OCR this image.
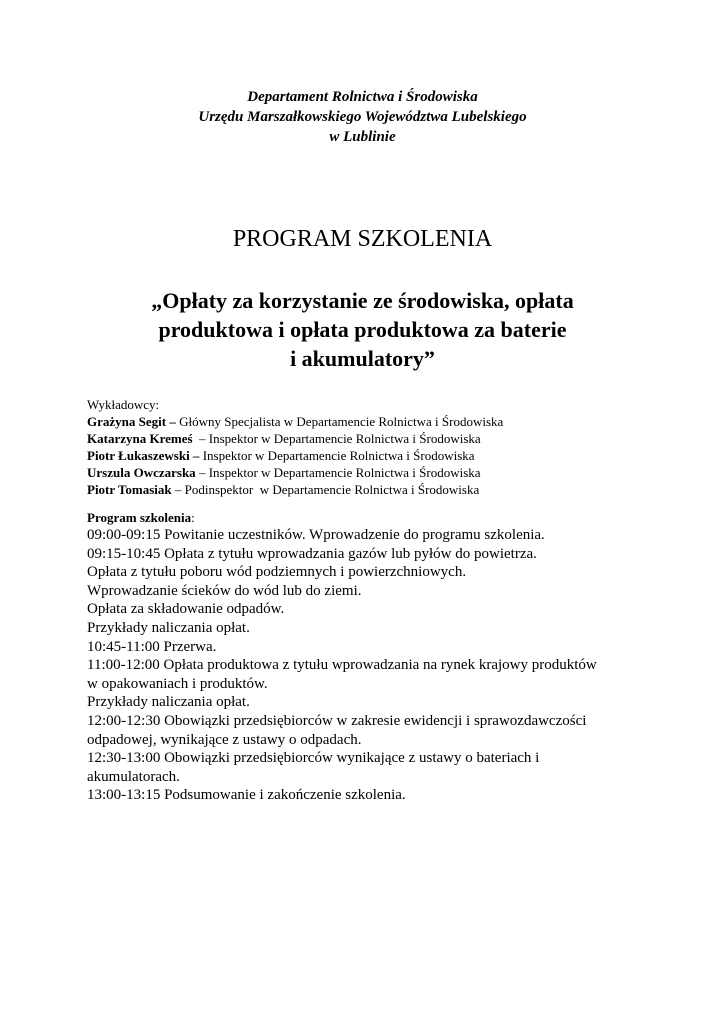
Departament Rolnictwa i Środowiska
Urzędu Marszałkowskiego Województwa Lubelskiego
w Lublinie
PROGRAM SZKOLENIA
„Opłaty za korzystanie ze środowiska, opłata
produktowa i opłata produktowa za baterie
i akumulatory”
Wykładowcy:
Grażyna Segit – Główny Specjalista w Departamencie Rolnictwa i Środowiska
Katarzyna Kremeś  – Inspektor w Departamencie Rolnictwa i Środowiska
Piotr Łukaszewski – Inspektor w Departamencie Rolnictwa i Środowiska
Urszula Owczarska – Inspektor w Departamencie Rolnictwa i Środowiska
Piotr Tomasiak – Podinspektor  w Departamencie Rolnictwa i Środowiska
Program szkolenia:
09:00-09:15 Powitanie uczestników. Wprowadzenie do programu szkolenia.
09:15-10:45 Opłata z tytułu wprowadzania gazów lub pyłów do powietrza.
Opłata z tytułu poboru wód podziemnych i powierzchniowych.
Wprowadzanie ścieków do wód lub do ziemi.
Opłata za składowanie odpadów.
Przykłady naliczania opłat.
10:45-11:00 Przerwa.
11:00-12:00 Opłata produktowa z tytułu wprowadzania na rynek krajowy produktów
w opakowaniach i produktów.
Przykłady naliczania opłat.
12:00-12:30 Obowiązki przedsiębiorców w zakresie ewidencji i sprawozdawczości
odpadowej, wynikające z ustawy o odpadach.
12:30-13:00 Obowiązki przedsiębiorców wynikające z ustawy o bateriach i
akumulatorach.
13:00-13:15 Podsumowanie i zakończenie szkolenia.
